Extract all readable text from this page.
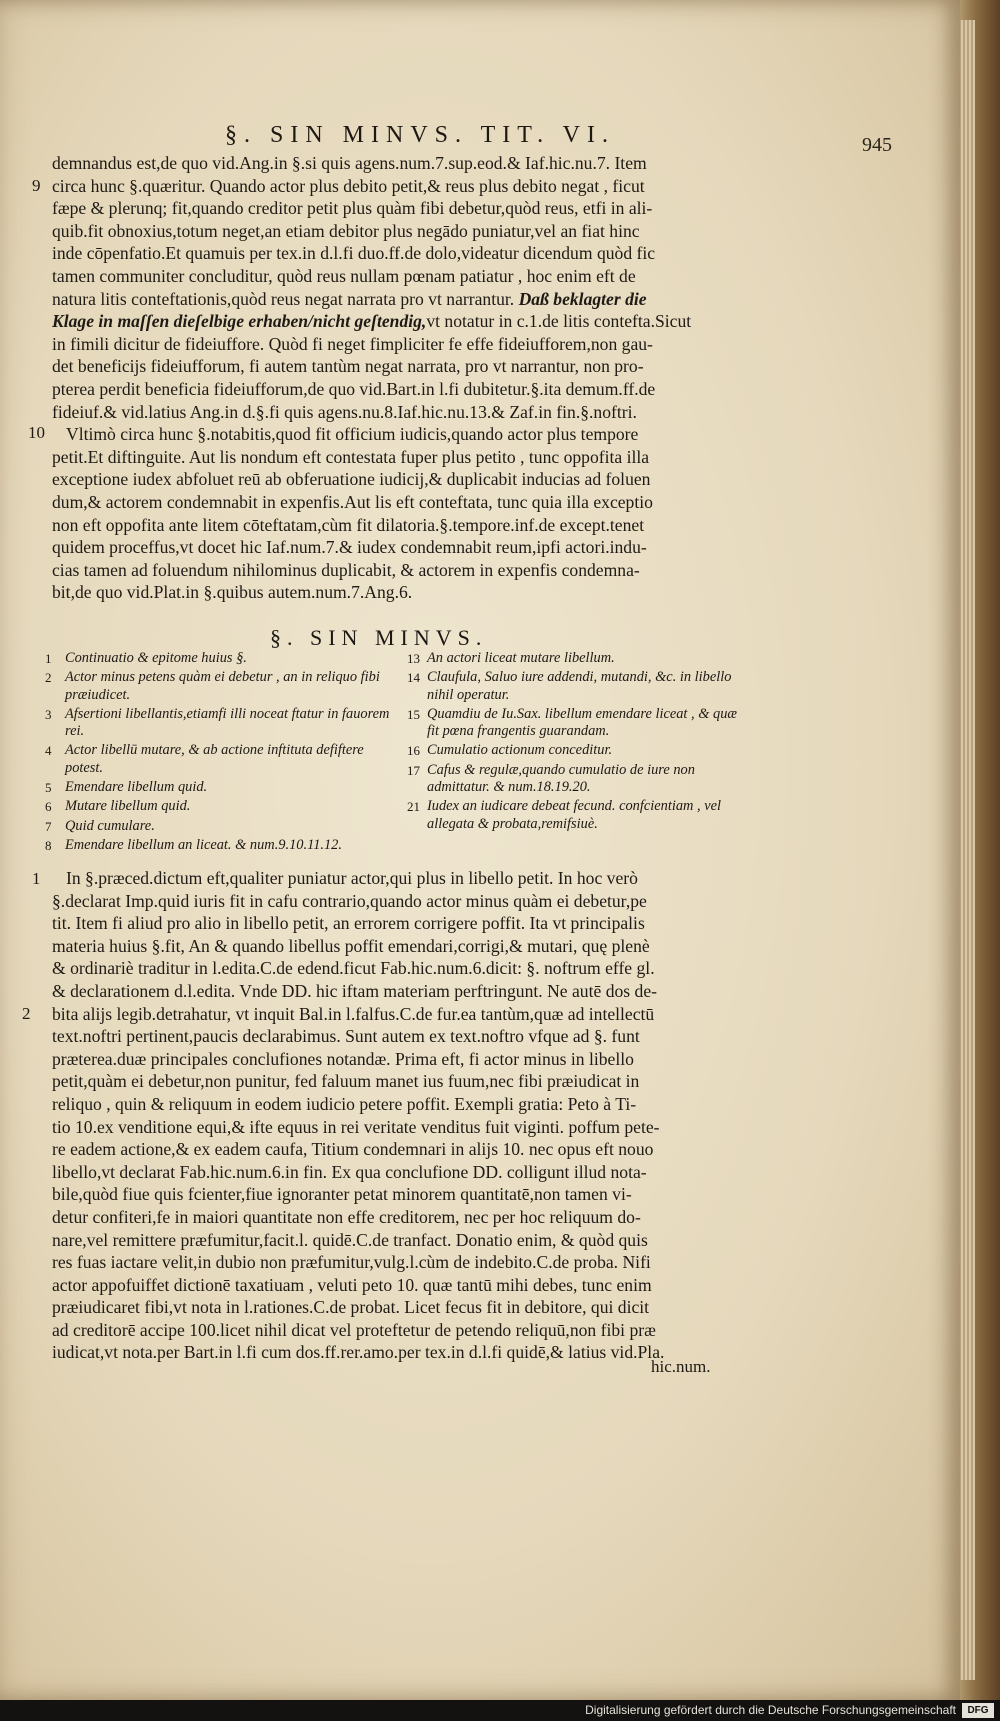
§. SIN MINVS. TIT. VI.	945
9
10

demnandus est,de quo vid.Ang.in §.si quis agens.num.7.sup.eod.& Iaf.hic.nu.7. Item

circa hunc §.quæritur. Quando actor plus debito petit,& reus plus debito negat , ficut

fæpe & plerunq; fit,quando creditor petit plus quàm fibi debetur,quòd reus, etfi in ali-

quib.fit obnoxius,totum neget,an etiam debitor plus negādo puniatur,vel an fiat hinc

inde cōpenfatio.Et quamuis per tex.in d.l.fi duo.ff.de dolo,videatur dicendum quòd fic

tamen communiter concluditur, quòd reus nullam pœnam patiatur , hoc enim eft de

natura litis conteftationis,quòd reus negat narrata pro vt narrantur. Daß beklagter die

Klage in maſſen dieſelbige erhaben/nicht geſtendig,vt notatur in c.1.de litis contefta.Sicut

in fimili dicitur de fideiuffore. Quòd fi neget fimpliciter fe effe fideiufforem,non gau-

det beneficijs fideiufforum, fi autem tantùm negat narrata, pro vt narrantur, non pro-

pterea perdit beneficia fideiufforum,de quo vid.Bart.in l.fi dubitetur.§.ita demum.ff.de

fideiuf.& vid.latius Ang.in d.§.fi quis agens.nu.8.Iaf.hic.nu.13.& Zaf.in fin.§.noftri.

Vltimò circa hunc §.notabitis,quod fit officium iudicis,quando actor plus tempore

petit.Et diftinguite. Aut lis nondum eft contestata fuper plus petito , tunc oppofita illa

exceptione iudex abfoluet reū ab obferuatione iudicij,& duplicabit inducias ad foluen

dum,& actorem condemnabit in expenfis.Aut lis eft conteftata, tunc quia illa exceptio

non eft oppofita ante litem cōteftatam,cùm fit dilatoria.§.tempore.inf.de except.tenet

quidem proceffus,vt docet hic Iaf.num.7.& iudex condemnabit reum,ipfi actori.indu-

cias tamen ad foluendum nihilominus duplicabit, & actorem in expenfis condemna-

bit,de quo vid.Plat.in §.quibus autem.num.7.Ang.6.

§. SIN MINVS.
1 Continuatio & epitome huius §.
2 Actor minus petens quàm ei debetur , an in reliquo fibi præiudicet.
3 Afsertioni libellantis,etiamfi illi noceat ftatur in fauorem rei.
4 Actor libellū mutare, & ab actione inftituta defiftere potest.
5 Emendare libellum quid.
6 Mutare libellum quid.
7 Quid cumulare.
8 Emendare libellum an liceat. & num.9.10.11.12.
13 An actori liceat mutare libellum.
14 Claufula, Saluo iure addendi, mutandi, &c. in libello nihil operatur.
15 Quamdiu de Iu.Sax. libellum emendare liceat , & quæ fit pœna frangentis guarandam.
16 Cumulatio actionum conceditur.
17 Cafus & regulæ,quando cumulatio de iure non admittatur. & num.18.19.20.
21 Iudex an iudicare debeat fecund. confcientiam , vel allegata & probata,remifsiuè.
1
2

In §.præced.dictum eft,qualiter puniatur actor,qui plus in libello petit. In hoc verò

§.declarat Imp.quid iuris fit in cafu contrario,quando actor minus quàm ei debetur,pe

tit. Item fi aliud pro alio in libello petit, an errorem corrigere poffit. Ita vt principalis

materia huius §.fit, An & quando libellus poffit emendari,corrigi,& mutari, quę plenè

& ordinariè traditur in l.edita.C.de edend.ficut Fab.hic.num.6.dicit: §. noftrum effe gl.

& declarationem d.l.edita. Vnde DD. hic iftam materiam perftringunt. Ne autē dos de-

bita alijs legib.detrahatur, vt inquit Bal.in l.falfus.C.de fur.ea tantùm,quæ ad intellectū

text.noftri pertinent,paucis declarabimus. Sunt autem ex text.noftro vfque ad §. funt

præterea.duæ principales conclufiones notandæ. Prima eft, fi actor minus in libello

petit,quàm ei debetur,non punitur, fed faluum manet ius fuum,nec fibi præiudicat in

reliquo , quin & reliquum in eodem iudicio petere poffit. Exempli gratia: Peto à Ti-

tio 10.ex venditione equi,& ifte equus in rei veritate venditus fuit viginti. poffum pete-

re eadem actione,& ex eadem caufa, Titium condemnari in alijs 10. nec opus eft nouo

libello,vt declarat Fab.hic.num.6.in fin. Ex qua conclufione DD. colligunt illud nota-

bile,quòd fiue quis fcienter,fiue ignoranter petat minorem quantitatē,non tamen vi-

detur confiteri,fe in maiori quantitate non effe creditorem, nec per hoc reliquum do-

nare,vel remittere præfumitur,facit.l. quidē.C.de tranfact. Donatio enim, & quòd quis

res fuas iactare velit,in dubio non præfumitur,vulg.l.cùm de indebito.C.de proba. Nifi

actor appofuiffet dictionē taxatiuam , veluti peto 10. quæ tantū mihi debes, tunc enim

præiudicaret fibi,vt nota in l.rationes.C.de probat. Licet fecus fit in debitore, qui dicit

ad creditorē accipe 100.licet nihil dicat vel proteftetur de petendo reliquū,non fibi præ

iudicat,vt nota.per Bart.in l.fi cum dos.ff.rer.amo.per tex.in d.l.fi quidē,& latius vid.Pla.

hic.num.
Digitalisierung gefördert durch die Deutsche Forschungsgemeinschaft	DFG
